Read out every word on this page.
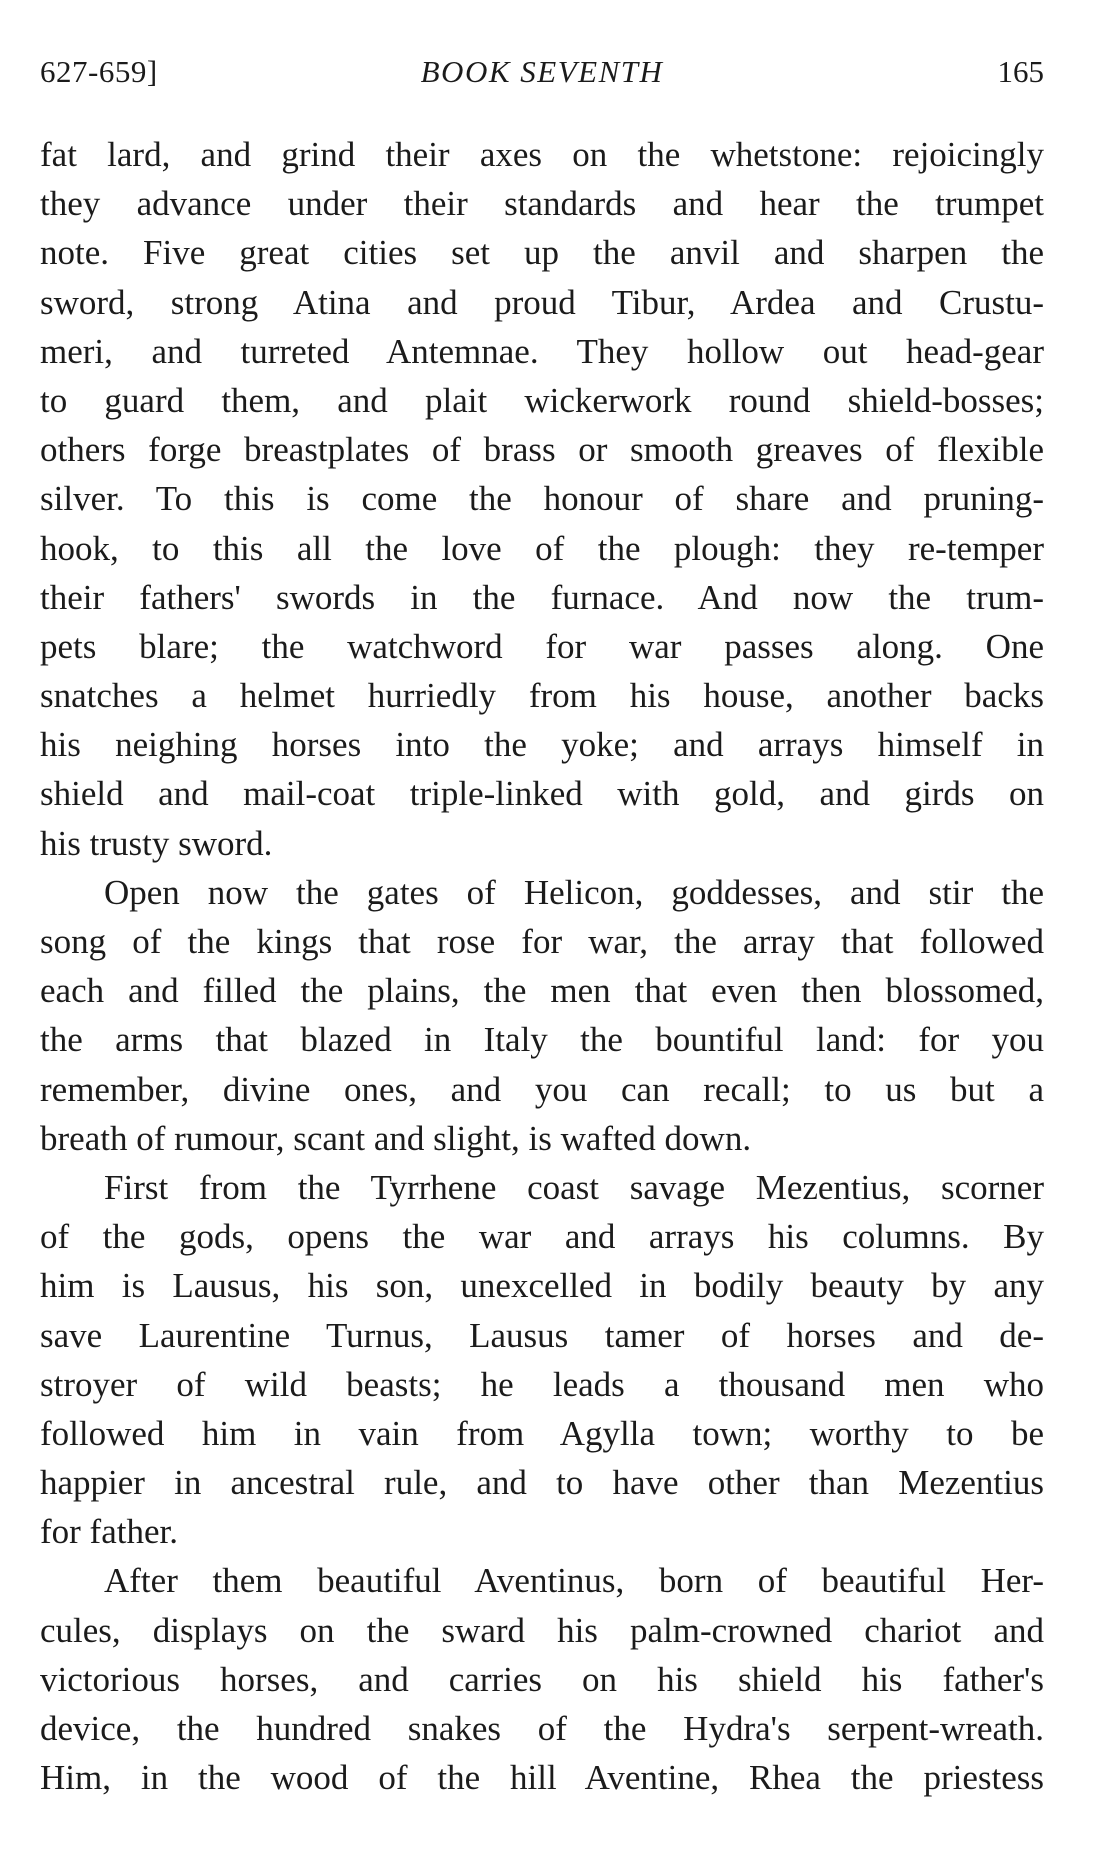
627-659]	BOOK SEVENTH	165
fat lard, and grind their axes on the whetstone: rejoicingly
they advance under their standards and hear the trumpet
note. Five great cities set up the anvil and sharpen the
sword, strong Atina and proud Tibur, Ardea and Crustu-
meri, and turreted Antemnae. They hollow out head-gear
to guard them, and plait wickerwork round shield-bosses;
others forge breastplates of brass or smooth greaves of flexible
silver. To this is come the honour of share and pruning-
hook, to this all the love of the plough: they re-temper
their fathers' swords in the furnace. And now the trum-
pets blare; the watchword for war passes along. One
snatches a helmet hurriedly from his house, another backs
his neighing horses into the yoke; and arrays himself in
shield and mail-coat triple-linked with gold, and girds on
his trusty sword.
Open now the gates of Helicon, goddesses, and stir the
song of the kings that rose for war, the array that followed
each and filled the plains, the men that even then blossomed,
the arms that blazed in Italy the bountiful land: for you
remember, divine ones, and you can recall; to us but a
breath of rumour, scant and slight, is wafted down.
First from the Tyrrhene coast savage Mezentius, scorner
of the gods, opens the war and arrays his columns. By
him is Lausus, his son, unexcelled in bodily beauty by any
save Laurentine Turnus, Lausus tamer of horses and de-
stroyer of wild beasts; he leads a thousand men who
followed him in vain from Agylla town; worthy to be
happier in ancestral rule, and to have other than Mezentius
for father.
After them beautiful Aventinus, born of beautiful Her-
cules, displays on the sward his palm-crowned chariot and
victorious horses, and carries on his shield his father's
device, the hundred snakes of the Hydra's serpent-wreath.
Him, in the wood of the hill Aventine, Rhea the priestess
